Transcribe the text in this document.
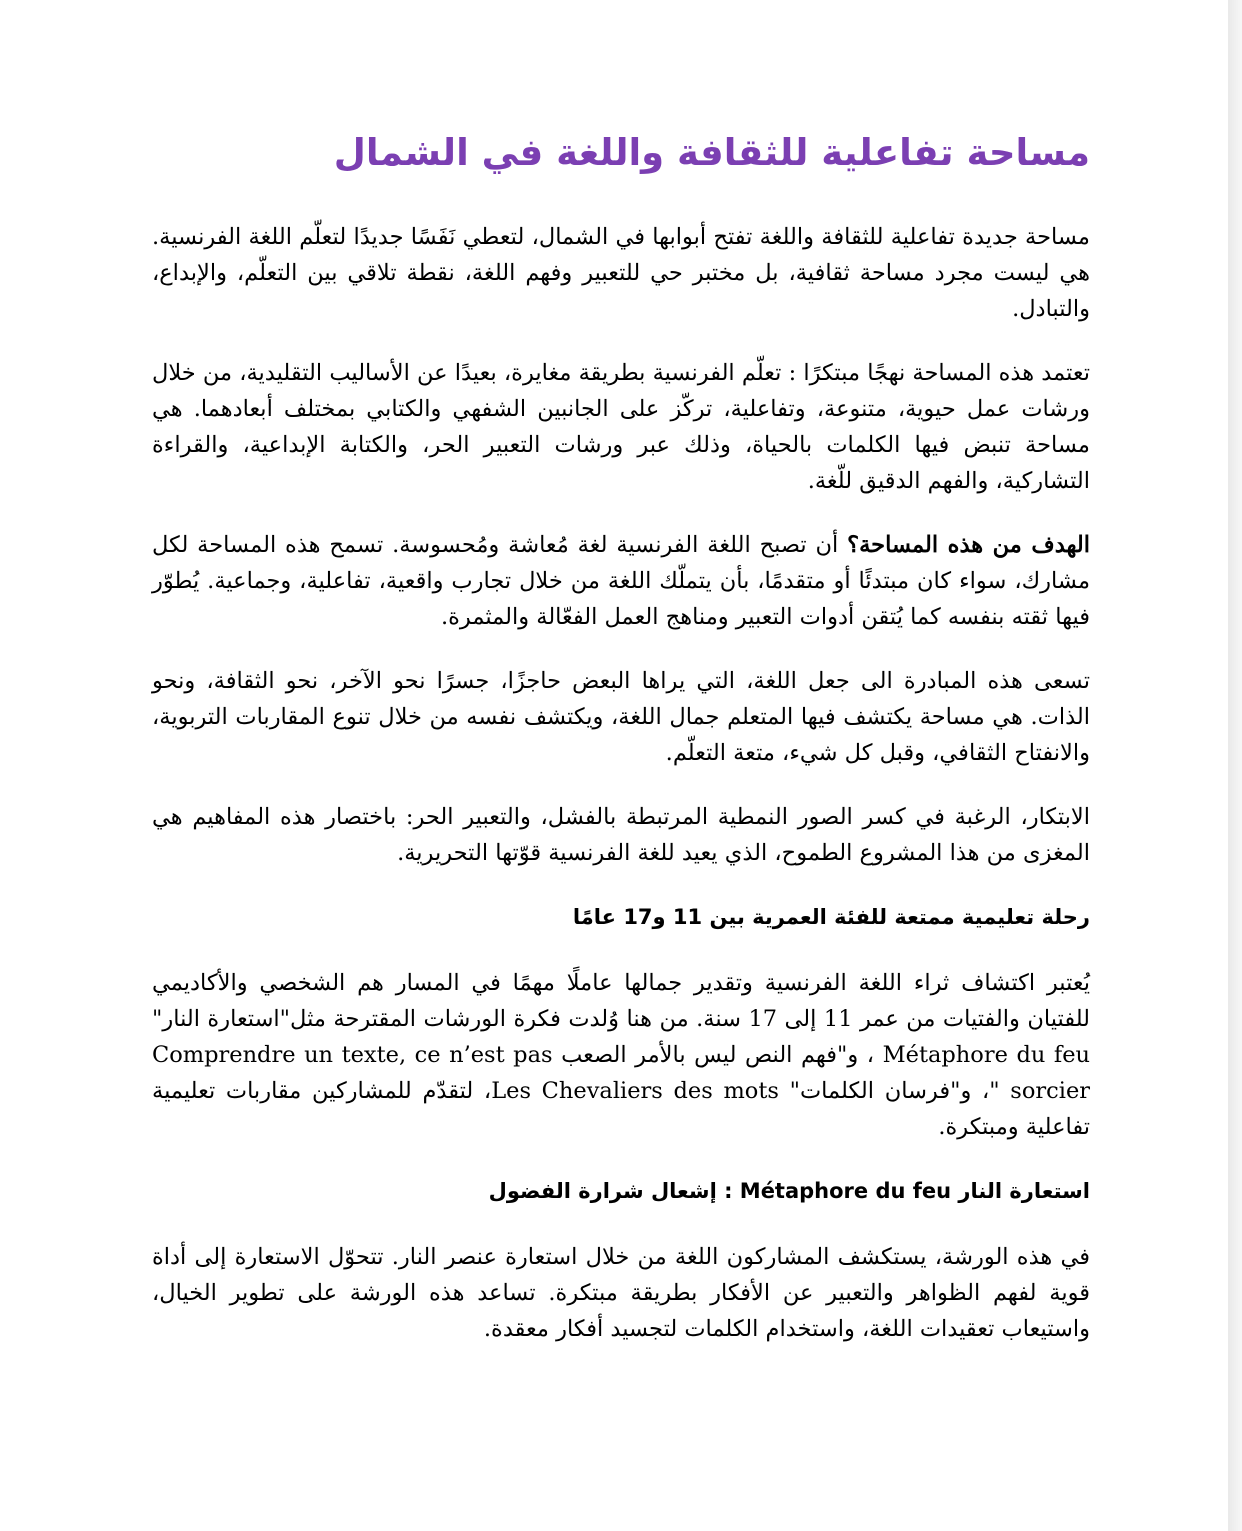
مساحة تفاعلية للثقافة واللغة في الشمال

مساحة جديدة تفاعلية للثقافة واللغة تفتح أبوابها في الشمال، لتعطي نَفَسًا جديدًا لتعلّم اللغة الفرنسية. هي ليست مجرد مساحة ثقافية، بل مختبر حي للتعبير وفهم اللغة، نقطة تلاقي بين التعلّم، والإبداع، والتبادل.

تعتمد هذه المساحة نهجًا مبتكرًا : تعلّم الفرنسية بطريقة مغايرة، بعيدًا عن الأساليب التقليدية، من خلال ورشات عمل حيوية، متنوعة، وتفاعلية، تركّز على الجانبين الشفهي والكتابي بمختلف أبعادهما. هي مساحة تنبض فيها الكلمات بالحياة، وذلك عبر ورشات التعبير الحر، والكتابة الإبداعية، والقراءة التشاركية، والفهم الدقيق للّغة.

الهدف من هذه المساحة؟ أن تصبح اللغة الفرنسية لغة مُعاشة ومُحسوسة. تسمح هذه المساحة لكل مشارك، سواء كان مبتدئًا أو متقدمًا، بأن يتملّك اللغة من خلال تجارب واقعية، تفاعلية، وجماعية. يُطوّر فيها ثقته بنفسه كما يُتقن أدوات التعبير ومناهج العمل الفعّالة والمثمرة.

تسعى هذه المبادرة الى جعل اللغة، التي يراها البعض حاجزًا، جسرًا نحو الآخر، نحو الثقافة، ونحو الذات. هي مساحة يكتشف فيها المتعلم جمال اللغة، ويكتشف نفسه من خلال تنوع المقاربات التربوية، والانفتاح الثقافي، وقبل كل شيء، متعة التعلّم.

الابتكار، الرغبة في كسر الصور النمطية المرتبطة بالفشل، والتعبير الحر: باختصار هذه المفاهيم هي المغزى من هذا المشروع الطموح، الذي يعيد للغة الفرنسية قوّتها التحريرية.

رحلة تعليمية ممتعة للفئة العمرية بين 11 و17 عامًا

يُعتبر اكتشاف ثراء اللغة الفرنسية وتقدير جمالها عاملًا مهمًا في المسار هم الشخصي والأكاديمي للفتيان والفتيات من عمر 11 إلى 17 سنة. من هنا وُلدت فكرة الورشات المقترحة مثل"استعارة النار" Métaphore du feu ، و"فهم النص ليس بالأمر الصعب Comprendre un texte, ce n’est pas sorcier "، و"فرسان الكلمات" Les Chevaliers des mots، لتقدّم للمشاركين مقاربات تعليمية تفاعلية ومبتكرة.

استعارة النار Métaphore du feu : إشعال شرارة الفضول

في هذه الورشة، يستكشف المشاركون اللغة من خلال استعارة عنصر النار. تتحوّل الاستعارة إلى أداة قوية لفهم الظواهر والتعبير عن الأفكار بطريقة مبتكرة. تساعد هذه الورشة على تطوير الخيال، واستيعاب تعقيدات اللغة، واستخدام الكلمات لتجسيد أفكار معقدة.
